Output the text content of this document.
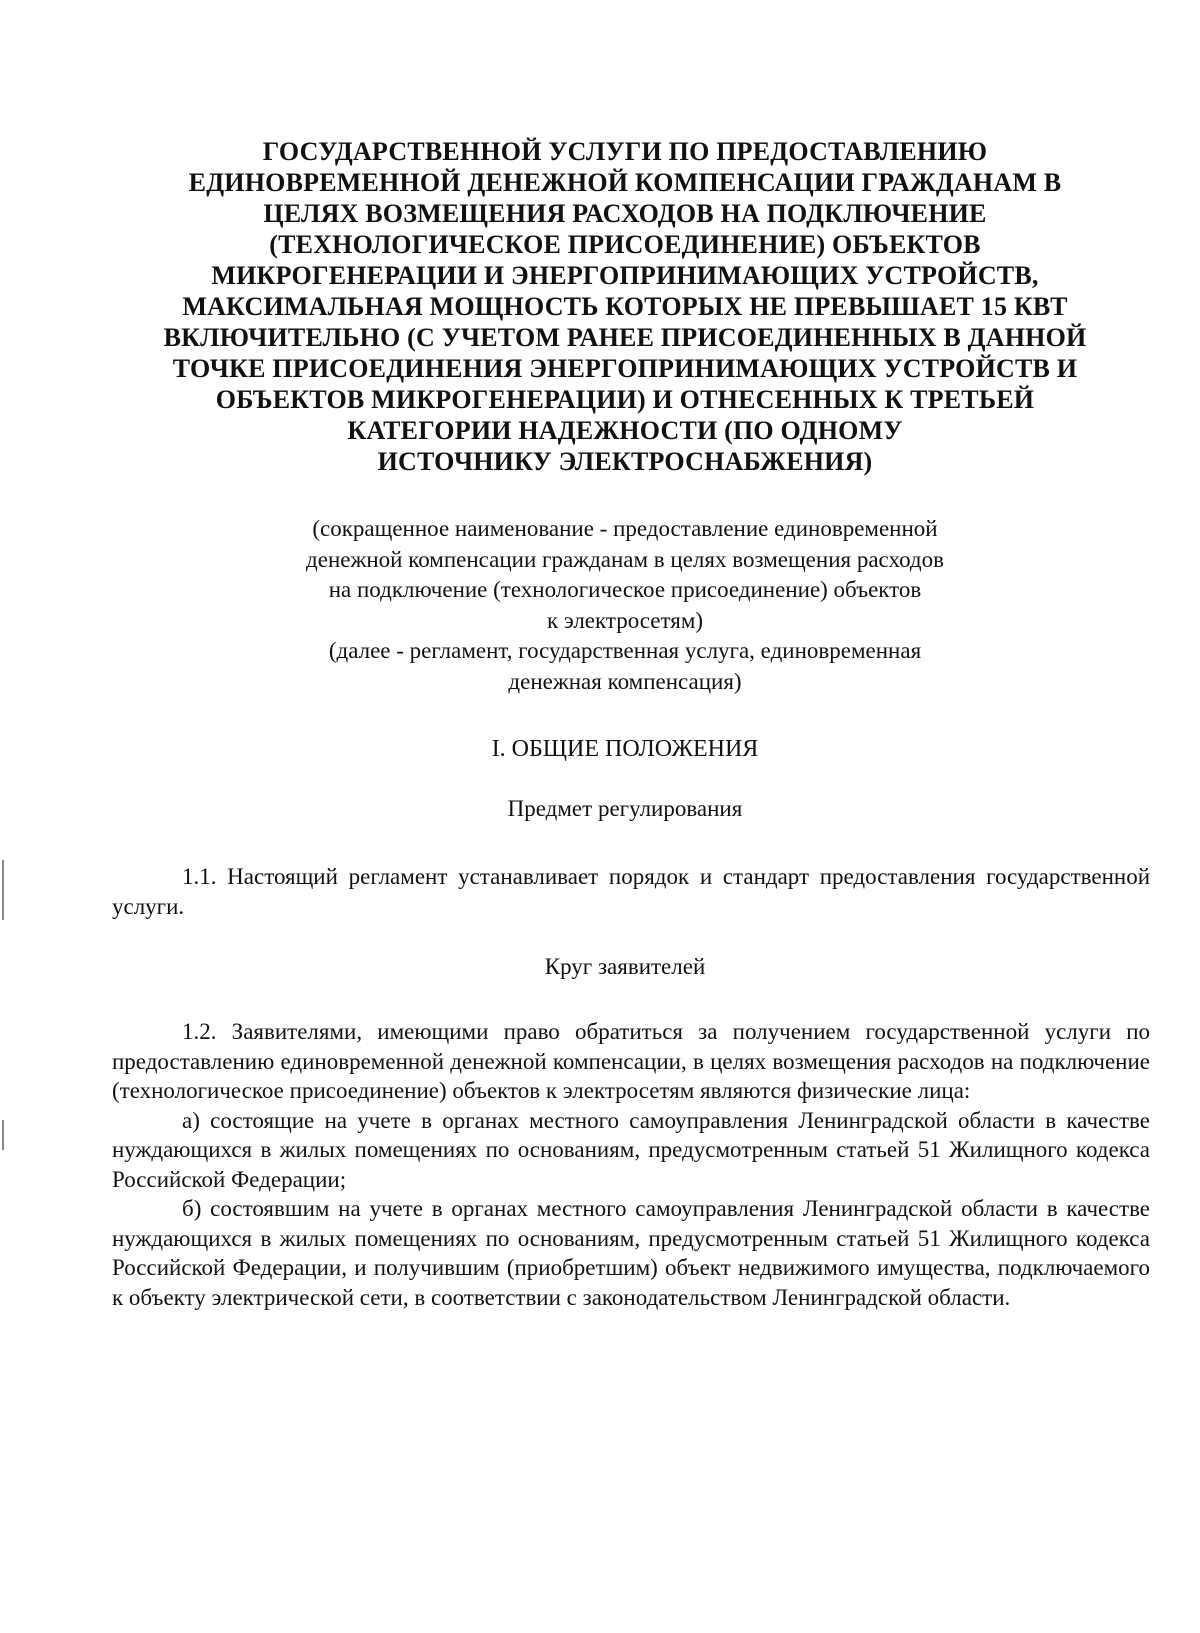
ГОСУДАРСТВЕННОЙ УСЛУГИ ПО ПРЕДОСТАВЛЕНИЮ
ЕДИНОВРЕМЕННОЙ ДЕНЕЖНОЙ КОМПЕНСАЦИИ ГРАЖДАНАМ В
ЦЕЛЯХ ВОЗМЕЩЕНИЯ РАСХОДОВ НА ПОДКЛЮЧЕНИЕ
(ТЕХНОЛОГИЧЕСКОЕ ПРИСОЕДИНЕНИЕ) ОБЪЕКТОВ
МИКРОГЕНЕРАЦИИ И ЭНЕРГОПРИНИМАЮЩИХ УСТРОЙСТВ,
МАКСИМАЛЬНАЯ МОЩНОСТЬ КОТОРЫХ НЕ ПРЕВЫШАЕТ 15 КВТ
ВКЛЮЧИТЕЛЬНО (С УЧЕТОМ РАНЕЕ ПРИСОЕДИНЕННЫХ В ДАННОЙ
ТОЧКЕ ПРИСОЕДИНЕНИЯ ЭНЕРГОПРИНИМАЮЩИХ УСТРОЙСТВ И
ОБЪЕКТОВ МИКРОГЕНЕРАЦИИ) И ОТНЕСЕННЫХ К ТРЕТЬЕЙ
КАТЕГОРИИ НАДЕЖНОСТИ (ПО ОДНОМУ
ИСТОЧНИКУ ЭЛЕКТРОСНАБЖЕНИЯ)
(сокращенное наименование - предоставление единовременной
денежной компенсации гражданам в целях возмещения расходов
на подключение (технологическое присоединение) объектов
к электросетям)
(далее - регламент, государственная услуга, единовременная
денежная компенсация)
I. ОБЩИЕ ПОЛОЖЕНИЯ
Предмет регулирования

1.1. Настоящий регламент устанавливает порядок и стандарт предоставления государственной услуги.

Круг заявителей

1.2. Заявителями, имеющими право обратиться за получением государственной услуги по предоставлению единовременной денежной компенсации, в целях возмещения расходов на подключение (технологическое присоединение) объектов к электросетям являются физические лица:

а) состоящие на учете в органах местного самоуправления Ленинградской области в качестве нуждающихся в жилых помещениях по основаниям, предусмотренным статьей 51 Жилищного кодекса Российской Федерации;

б) состоявшим на учете в органах местного самоуправления Ленинградской области в качестве нуждающихся в жилых помещениях по основаниям, предусмотренным статьей 51 Жилищного кодекса Российской Федерации, и получившим (приобретшим) объект недвижимого имущества, подключаемого к объекту электрической сети, в соответствии с законодательством Ленинградской области.
